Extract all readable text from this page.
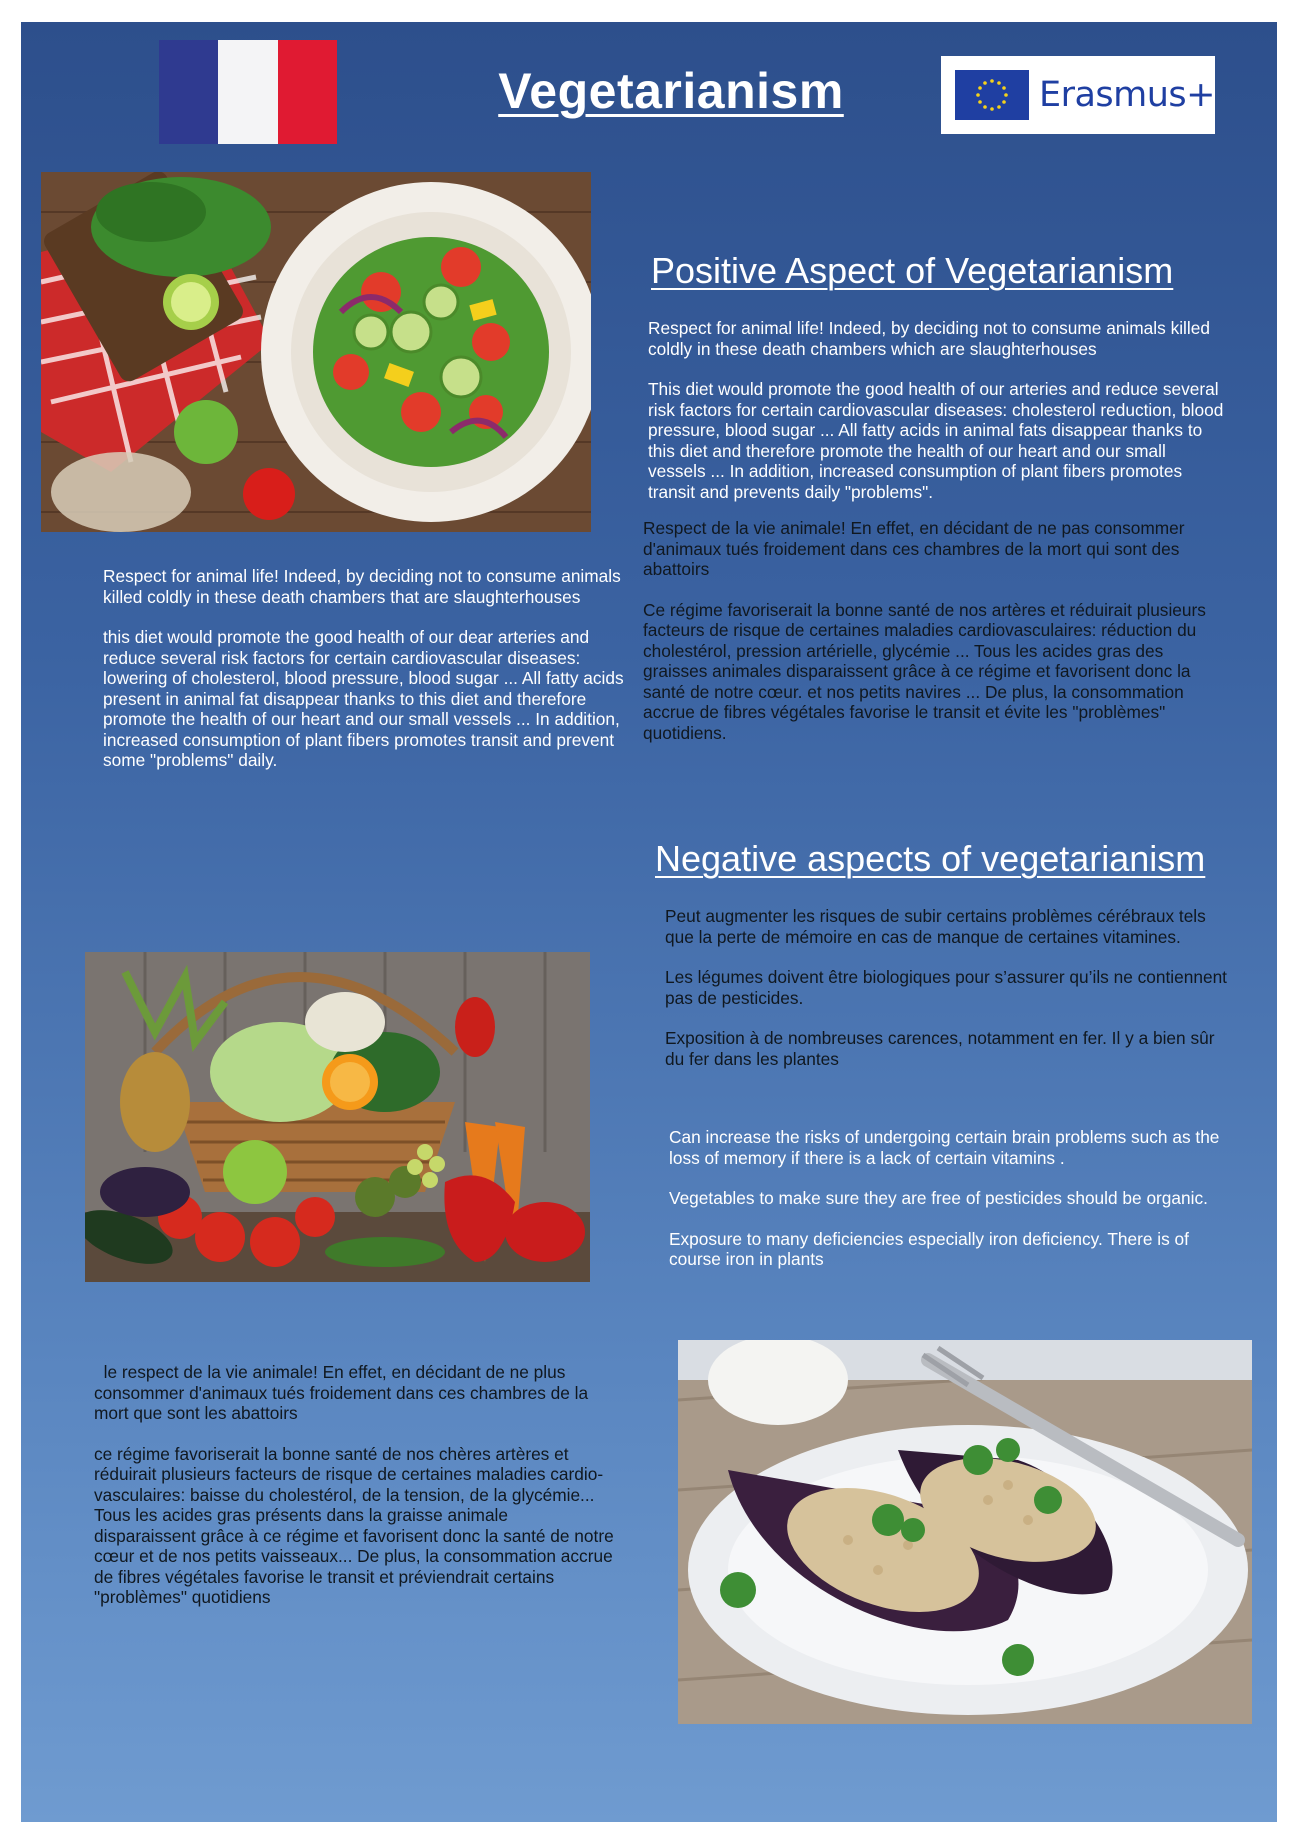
Vegetarianism	Erasmus+
Positive Aspect of Vegetarianism

Respect for animal life! Indeed, by deciding not to consume animals killed coldly in these death chambers which are slaughterhouses

This diet would promote the good health of our arteries and reduce several risk factors for certain cardiovascular diseases: cholesterol reduction, blood pressure, blood sugar ... All fatty acids in animal fats disappear thanks to this diet and therefore promote the health of our heart and our small vessels ... In addition, increased consumption of plant fibers promotes transit and prevents daily "problems".

Respect de la vie animale! En effet, en décidant de ne pas consommer d'animaux tués froidement dans ces chambres de la mort qui sont des abattoirs

Ce régime favoriserait la bonne santé de nos artères et réduirait plusieurs facteurs de risque de certaines maladies cardiovasculaires: réduction du cholestérol, pression artérielle, glycémie ... Tous les acides gras des graisses animales disparaissent grâce à ce régime et favorisent donc la santé de notre cœur. et nos petits navires ... De plus, la consommation accrue de fibres végétales favorise le transit et évite les "problèmes" quotidiens.

Respect for animal life! Indeed, by deciding not to consume animals killed coldly in these death chambers that are slaughterhouses

this diet would promote the good health of our dear arteries and reduce several risk factors for certain cardiovascular diseases: lowering of cholesterol, blood pressure, blood sugar ... All fatty acids present in animal fat disappear thanks to this diet and therefore promote the health of our heart and our small vessels ... In addition, increased consumption of plant fibers promotes transit and prevent some "problems" daily.

Negative aspects of vegetarianism

Peut augmenter les risques de subir certains problèmes cérébraux tels que la perte de mémoire en cas de manque de certaines vitamines.

Les légumes doivent être biologiques pour s’assurer qu’ils ne contiennent pas de pesticides.

Exposition à de nombreuses carences, notamment en fer. Il y a bien sûr du fer dans les plantes

Can increase the risks of undergoing certain brain problems such as the loss of memory if there is a lack of certain vitamins .

Vegetables to make sure they are free of pesticides should be organic.

Exposure to many deficiencies especially iron deficiency. There is of course iron in plants

le respect de la vie animale! En effet, en décidant de ne plus consommer d'animaux tués froidement dans ces chambres de la mort que sont les abattoirs

ce régime favoriserait la bonne santé de nos chères artères et réduirait plusieurs facteurs de risque de certaines maladies cardio-vasculaires: baisse du cholestérol, de la tension, de la glycémie... Tous les acides gras présents dans la graisse animale disparaissent grâce à ce régime et favorisent donc la santé de notre cœur et de nos petits vaisseaux... De plus, la consommation accrue de fibres végétales favorise le transit et préviendrait certains "problèmes" quotidiens
